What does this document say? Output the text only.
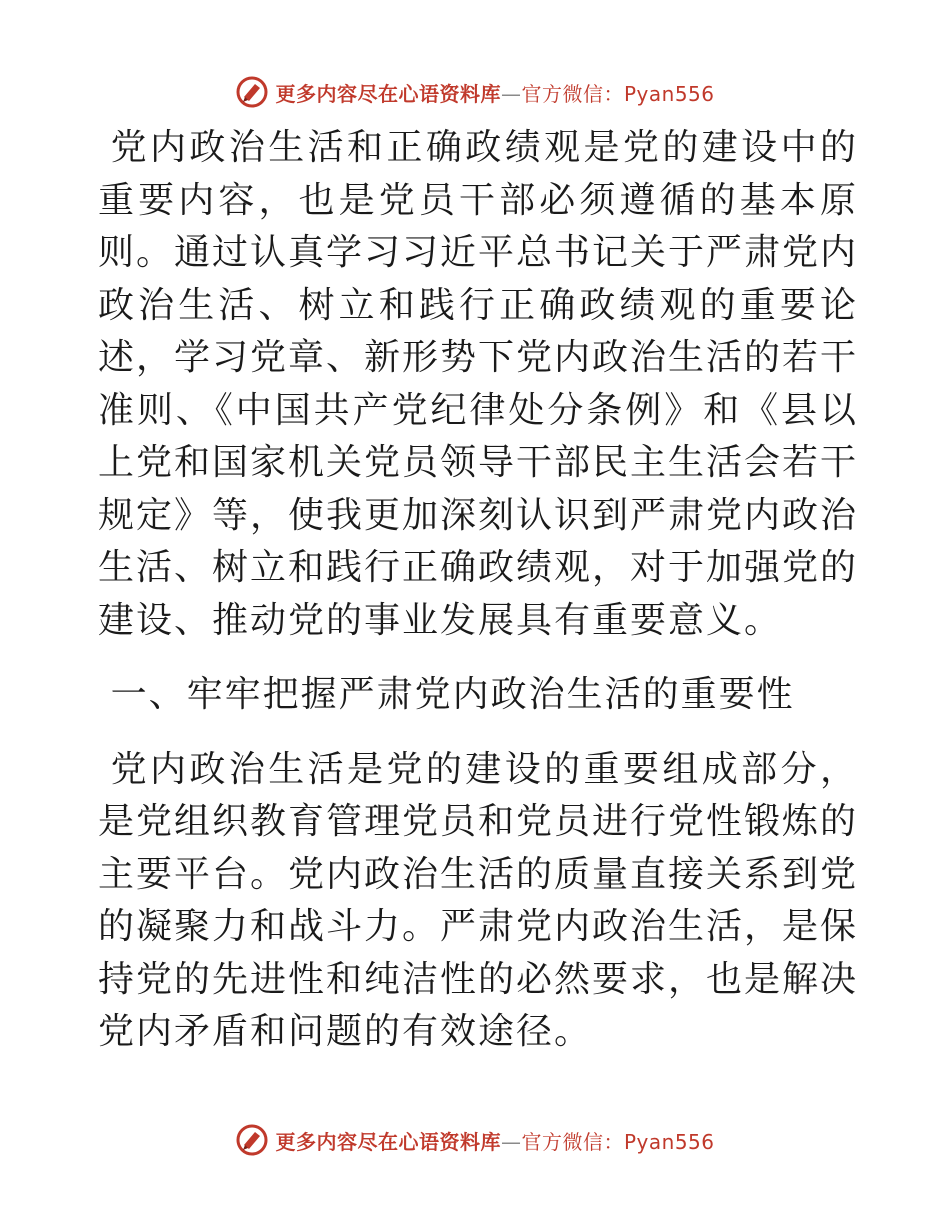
更多内容尽在心语资料库—官方微信：Pyan556

党内政治生活和正确政绩观是党的建设中的重要内容，也是党员干部必须遵循的基本原则。通过认真学习习近平总书记关于严肃党内政治生活、树立和践行正确政绩观的重要论述，学习党章、新形势下党内政治生活的若干准则、《中国共产党纪律处分条例》和《县以上党和国家机关党员领导干部民主生活会若干规定》等，使我更加深刻认识到严肃党内政治生活、树立和践行正确政绩观，对于加强党的建设、推动党的事业发展具有重要意义。

一、牢牢把握严肃党内政治生活的重要性

党内政治生活是党的建设的重要组成部分，是党组织教育管理党员和党员进行党性锻炼的主要平台。党内政治生活的质量直接关系到党的凝聚力和战斗力。严肃党内政治生活，是保持党的先进性和纯洁性的必然要求，也是解决党内矛盾和问题的有效途径。

更多内容尽在心语资料库—官方微信：Pyan556
